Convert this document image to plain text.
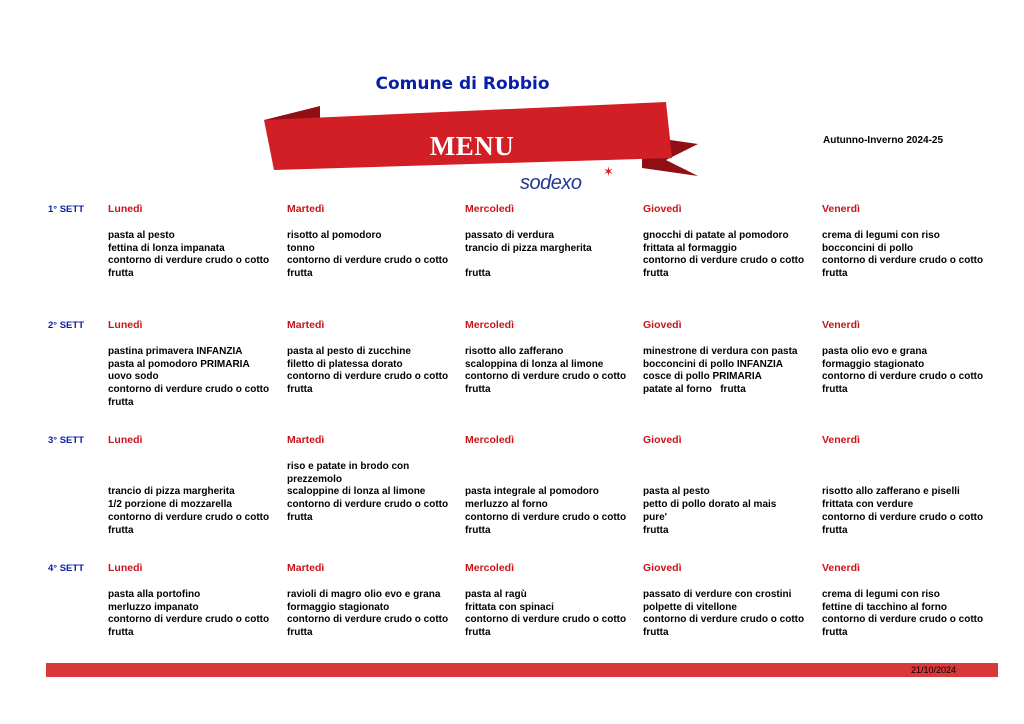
Comune di Robbio
MENU
sodexo
✶
Autunno-Inverno 2024-25
1° SETT Lunedì
pasta al pesto
fettina di lonza impanata
contorno di verdure crudo o cotto
frutta
Martedì
risotto al pomodoro
tonno
contorno di verdure crudo o cotto
frutta
Mercoledì
passato di verdura
trancio di pizza margherita
frutta
Giovedì
gnocchi di patate al pomodoro
frittata al formaggio
contorno di verdure crudo o cotto
frutta
Venerdì
crema di legumi con riso
bocconcini di pollo
contorno di verdure crudo o cotto
frutta
2° SETT Lunedì
pastina primavera INFANZIA
pasta al pomodoro PRIMARIA
uovo sodo
contorno di verdure crudo o cotto
frutta
Martedì
pasta al pesto di zucchine
filetto di platessa dorato
contorno di verdure crudo o cotto
frutta
Mercoledì
risotto allo zafferano
scaloppina di lonza al limone
contorno di verdure crudo o cotto
frutta
Giovedì
minestrone di verdura con pasta
bocconcini di pollo INFANZIA
cosce di pollo PRIMARIA
patate al forno   frutta
Venerdì
pasta olio evo e grana
formaggio stagionato
contorno di verdure crudo o cotto
frutta
3° SETT Lunedì
trancio di pizza margherita
1/2 porzione di mozzarella
contorno di verdure crudo o cotto
frutta
Martedì
riso e patate in brodo con
prezzemolo
scaloppine di lonza al limone
contorno di verdure crudo o cotto
frutta
Mercoledì
pasta integrale al pomodoro
merluzzo al forno
contorno di verdure crudo o cotto
frutta
Giovedì
pasta al pesto
petto di pollo dorato al mais
pure'
frutta
Venerdì
risotto allo zafferano e piselli
frittata con verdure
contorno di verdure crudo o cotto
frutta
4° SETT Lunedì
pasta alla portofino
merluzzo impanato
contorno di verdure crudo o cotto
frutta
Martedì
ravioli di magro olio evo e grana
formaggio stagionato
contorno di verdure crudo o cotto
frutta
Mercoledì
pasta al ragù
frittata con spinaci
contorno di verdure crudo o cotto
frutta
Giovedì
passato di verdure con crostini
polpette di vitellone
contorno di verdure crudo o cotto
frutta
Venerdì
crema di legumi con riso
fettine di tacchino al forno
contorno di verdure crudo o cotto
frutta
21/10/2024
